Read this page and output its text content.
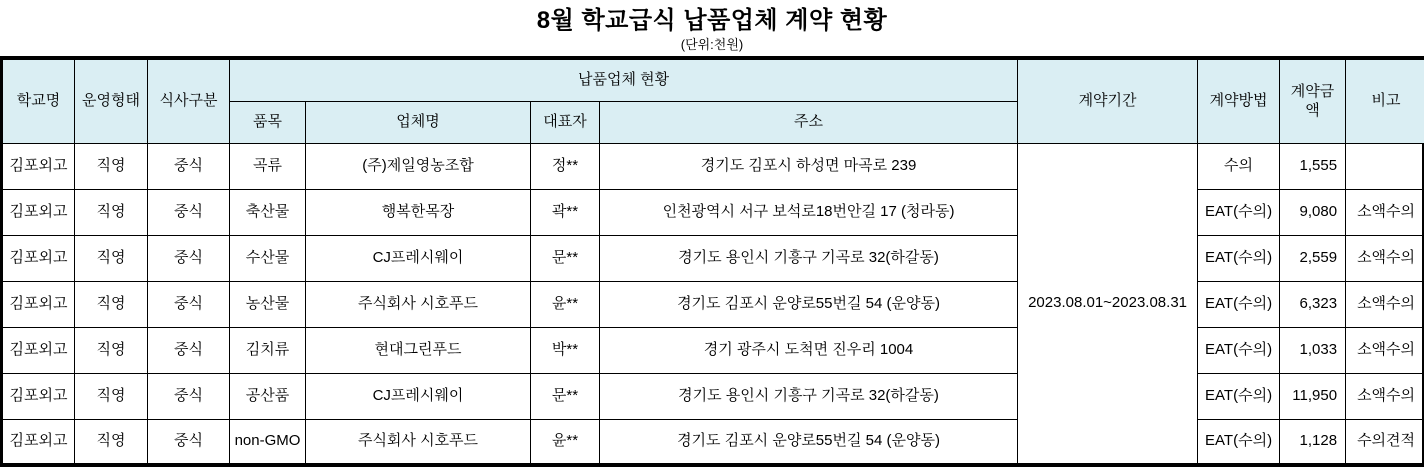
8월 학교급식 납품업체 계약 현황
(단위:천원)
학교명	운영형태	식사구분	납품업체 현황				계약기간	계약방법	계약금액	비고
			품목	업체명	대표자	주소				
김포외고	직영	중식	곡류	(주)제일영농조합	정**	경기도 김포시 하성면 마곡로 239	2023.08.01~2023.08.31	수의	1,555	
김포외고	직영	중식	축산물	행복한목장	곽**	인천광역시 서구 보석로18번안길 17 (청라동)		EAT(수의)	9,080	소액수의
김포외고	직영	중식	수산물	CJ프레시웨이	문**	경기도 용인시 기흥구 기곡로 32(하갈동)		EAT(수의)	2,559	소액수의
김포외고	직영	중식	농산물	주식회사 시호푸드	윤**	경기도 김포시 운양로55번길 54 (운양동)		EAT(수의)	6,323	소액수의
김포외고	직영	중식	김치류	현대그린푸드	박**	경기 광주시 도척면 진우리 1004		EAT(수의)	1,033	소액수의
김포외고	직영	중식	공산품	CJ프레시웨이	문**	경기도 용인시 기흥구 기곡로 32(하갈동)		EAT(수의)	11,950	소액수의
김포외고	직영	중식	non-GMO	주식회사 시호푸드	윤**	경기도 김포시 운양로55번길 54 (운양동)		EAT(수의)	1,128	수의견적
